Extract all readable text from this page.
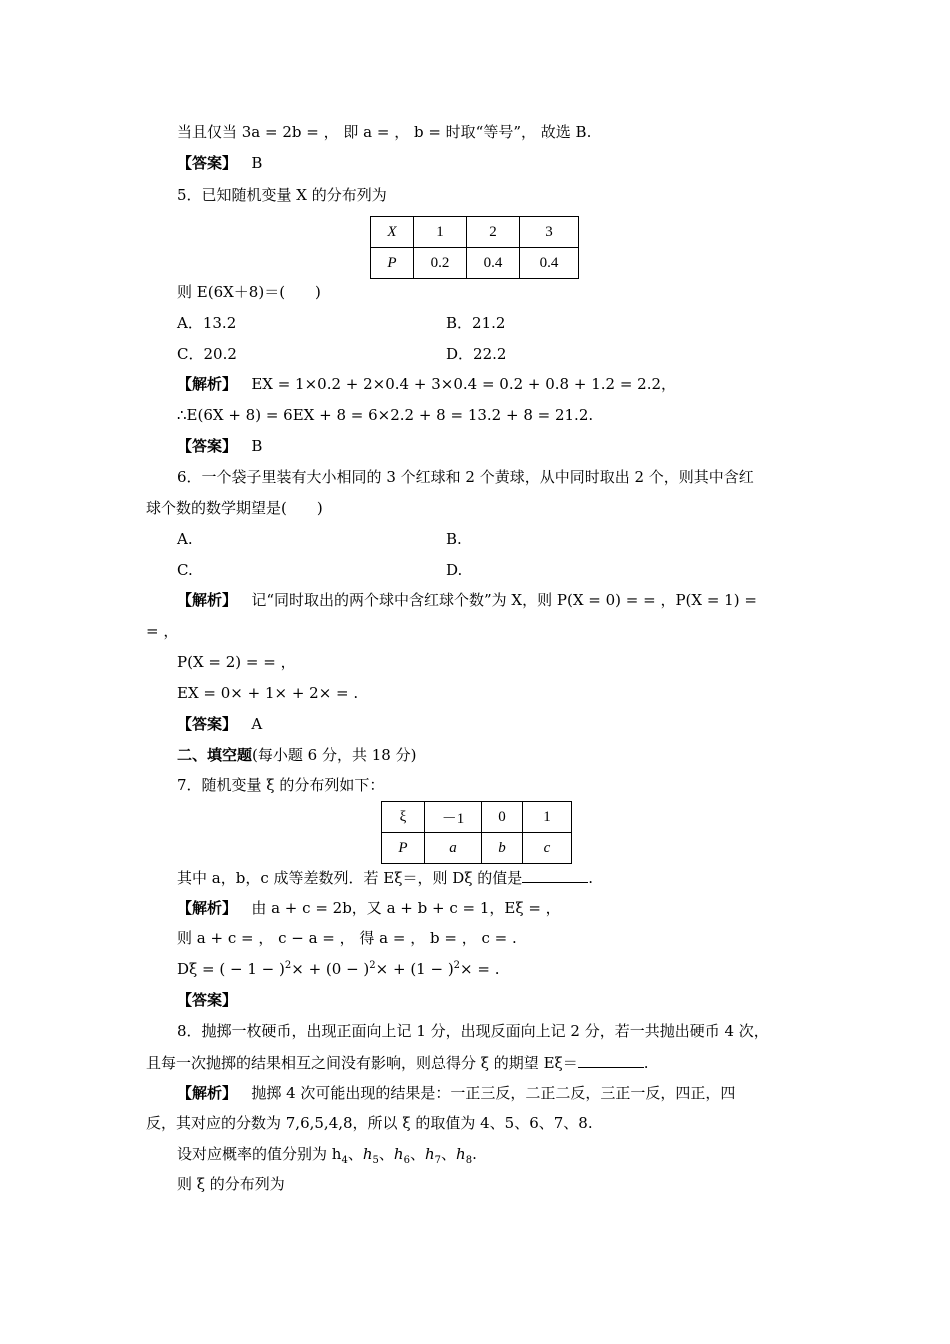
当且仅当 3a = 2b = ， 即 a = ， b = 时取“等号”， 故选 B.
【答案】 B
5．已知随机变量 X 的分布列为
X	1	2	3
P	0.2	0.4	0.4
则 E(6X＋8)＝(　　)
A．13.2	B．21.2
C．20.2	D．22.2
【解析】 EX = 1×0.2 + 2×0.4 + 3×0.4 = 0.2 + 0.8 + 1.2 = 2.2，
∴E(6X + 8) = 6EX + 8 = 6×2.2 + 8 = 13.2 + 8 = 21.2.
【答案】 B
6．一个袋子里装有大小相同的 3 个红球和 2 个黄球，从中同时取出 2 个，则其中含红
球个数的数学期望是(　　)
A.	B.
C.	D.
【解析】 记“同时取出的两个球中含红球个数”为 X，则 P(X = 0) = = ，P(X = 1) =
= ，
P(X = 2) = = ，
EX = 0× + 1× + 2× = .
【答案】 A
二、填空题(每小题 6 分，共 18 分)
7．随机变量 ξ 的分布列如下：
ξ	－1	0	1
P	a	b	c
其中 a，b，c 成等差数列．若 Eξ＝，则 Dξ 的值是	.
【解析】 由 a + c = 2b，又 a + b + c = 1，Eξ = ，
则 a + c = ， c − a = ， 得 a = ， b = ， c = .
Dξ = ( − $1 - )^2\times + (0 - )^2\times + (1 - )^2\times$ = .
【答案】
8．抛掷一枚硬币，出现正面向上记 1 分，出现反面向上记 2 分，若一共抛出硬币 4 次，
且每一次抛掷的结果相互之间没有影响，则总得分 ξ 的期望 Eξ＝	.
【解析】 抛掷 4 次可能出现的结果是：一正三反，二正二反，三正一反，四正，四
反，其对应的分数为 7,6,5,4,8，所以 ξ 的取值为 4、5、6、7、8.
设对应概率的值分别为 $h_4$、$h_5$、$h_6$、$h_7$、$h_8$.
则 ξ 的分布列为
